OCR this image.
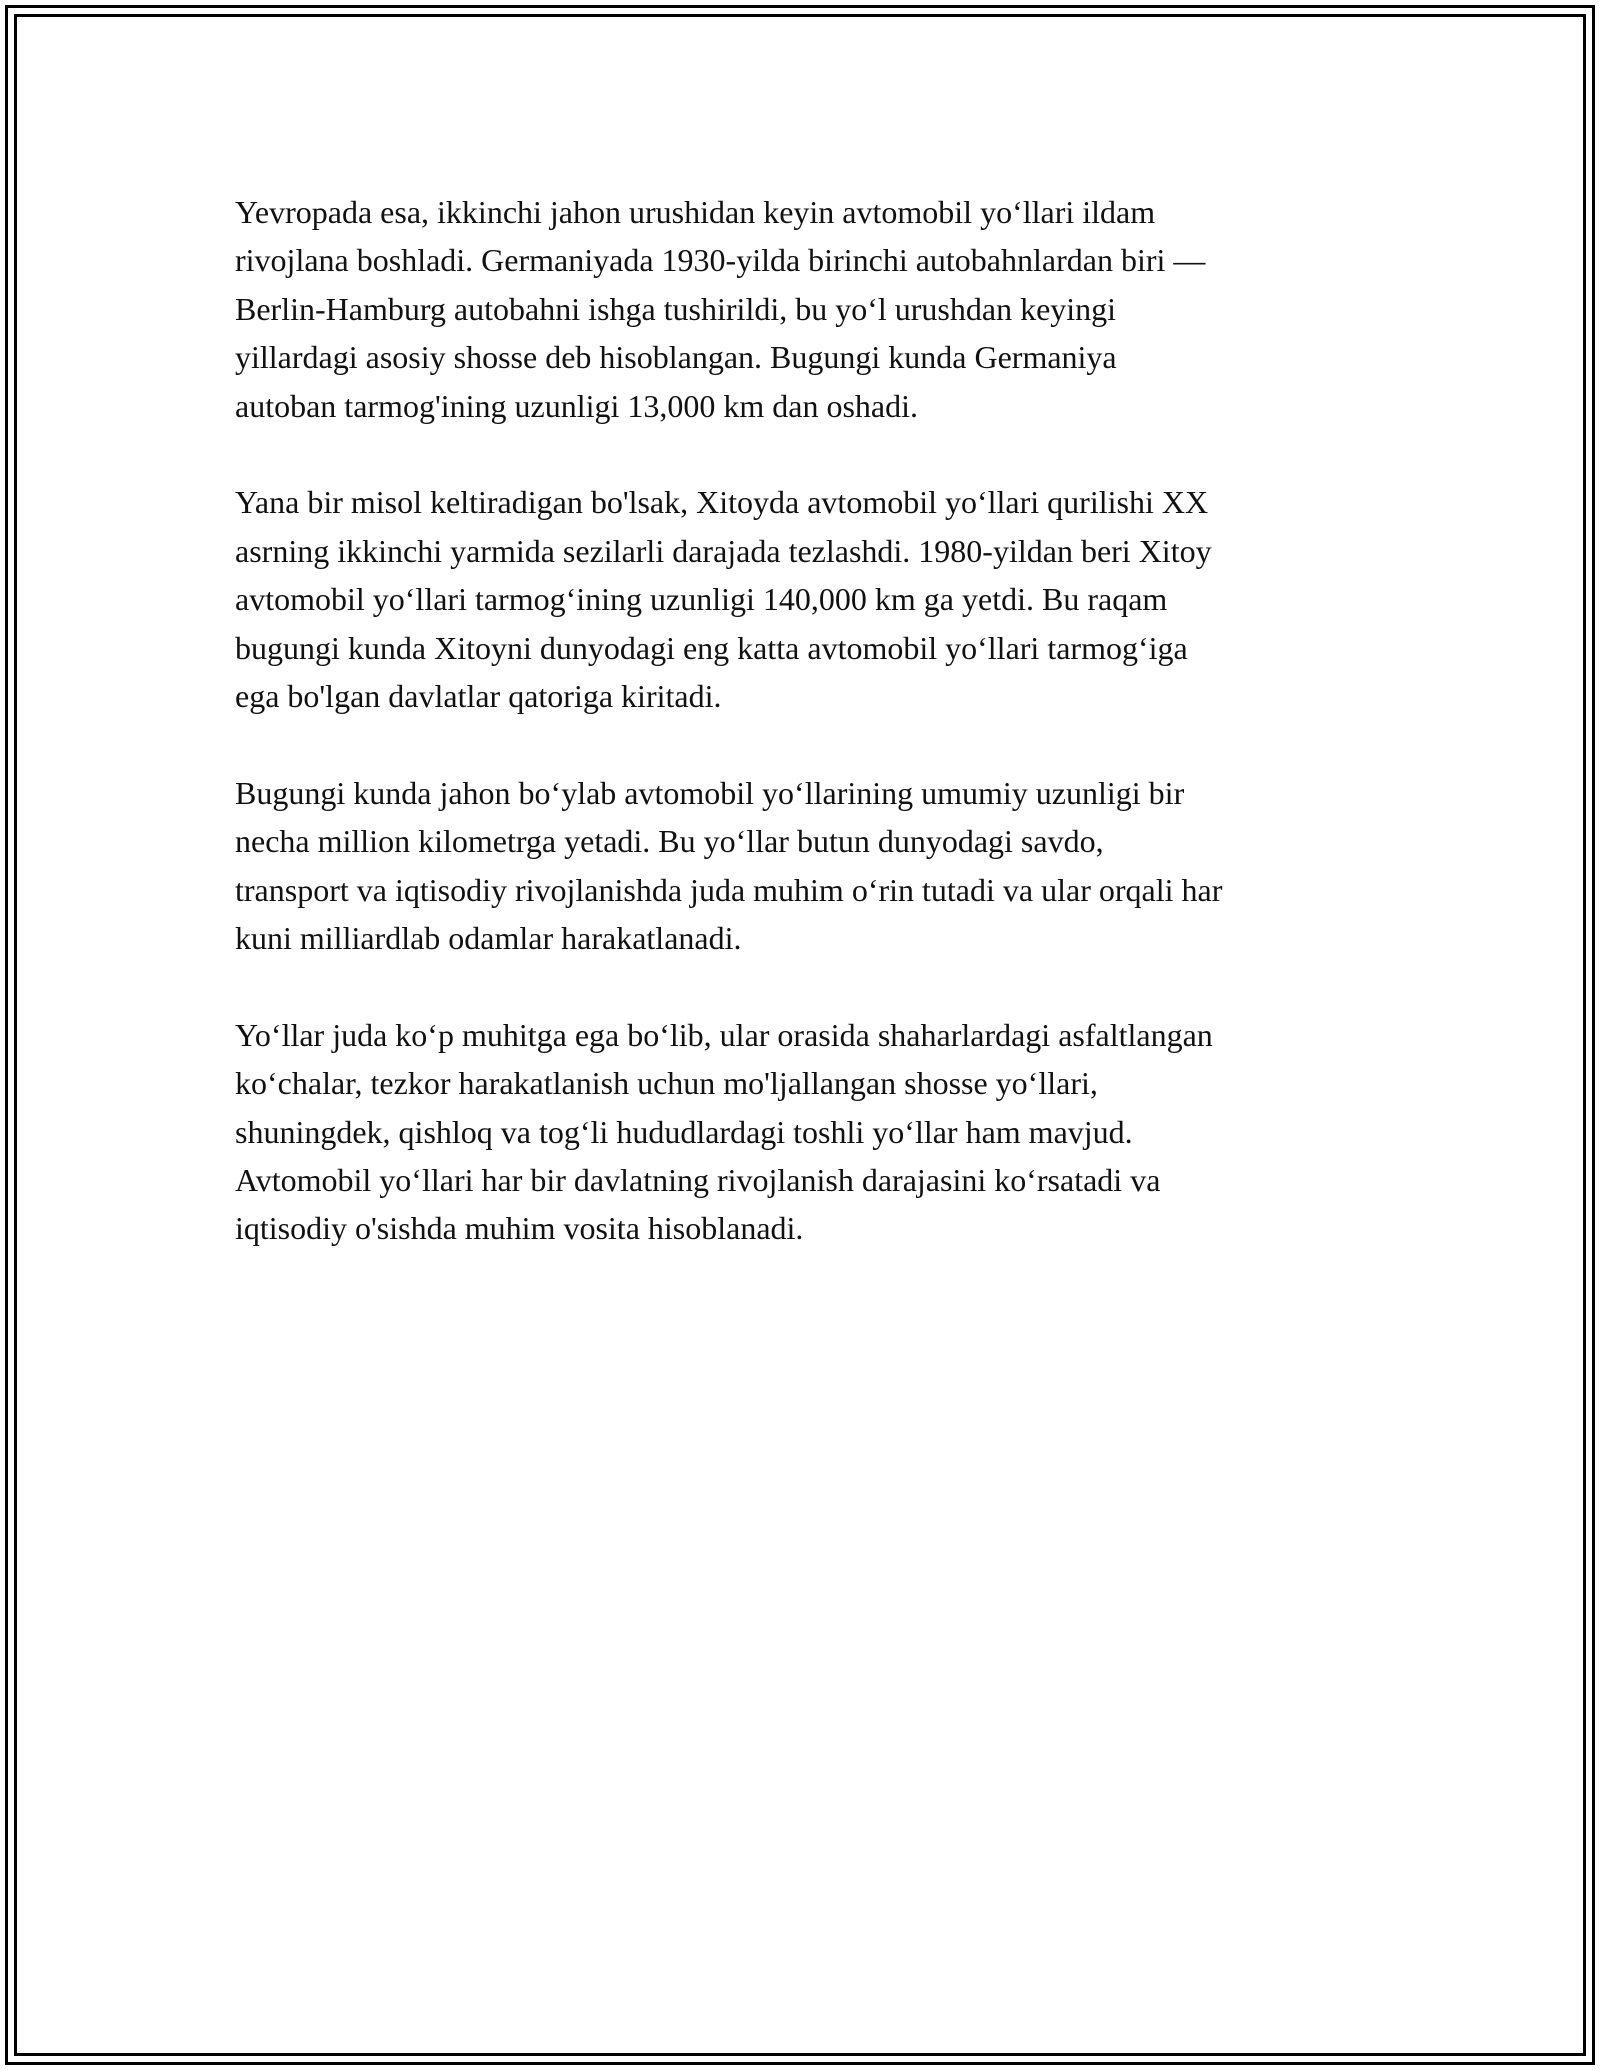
Yevropada esa, ikkinchi jahon urushidan keyin avtomobil yo‘llari ildam
rivojlana boshladi. Germaniyada 1930-yilda birinchi autobahnlardan biri —
Berlin-Hamburg autobahni ishga tushirildi, bu yo‘l urushdan keyingi
yillardagi asosiy shosse deb hisoblangan. Bugungi kunda Germaniya
autoban tarmog'ining uzunligi 13,000 km dan oshadi.

Yana bir misol keltiradigan bo'lsak, Xitoyda avtomobil yo‘llari qurilishi XX
asrning ikkinchi yarmida sezilarli darajada tezlashdi. 1980-yildan beri Xitoy
avtomobil yo‘llari tarmog‘ining uzunligi 140,000 km ga yetdi. Bu raqam
bugungi kunda Xitoyni dunyodagi eng katta avtomobil yo‘llari tarmog‘iga
ega bo'lgan davlatlar qatoriga kiritadi.

Bugungi kunda jahon bo‘ylab avtomobil yo‘llarining umumiy uzunligi bir
necha million kilometrga yetadi. Bu yo‘llar butun dunyodagi savdo,
transport va iqtisodiy rivojlanishda juda muhim o‘rin tutadi va ular orqali har
kuni milliardlab odamlar harakatlanadi.

Yo‘llar juda ko‘p muhitga ega bo‘lib, ular orasida shaharlardagi asfaltlangan
ko‘chalar, tezkor harakatlanish uchun mo'ljallangan shosse yo‘llari,
shuningdek, qishloq va tog‘li hududlardagi toshli yo‘llar ham mavjud.
Avtomobil yo‘llari har bir davlatning rivojlanish darajasini ko‘rsatadi va
iqtisodiy o'sishda muhim vosita hisoblanadi.
